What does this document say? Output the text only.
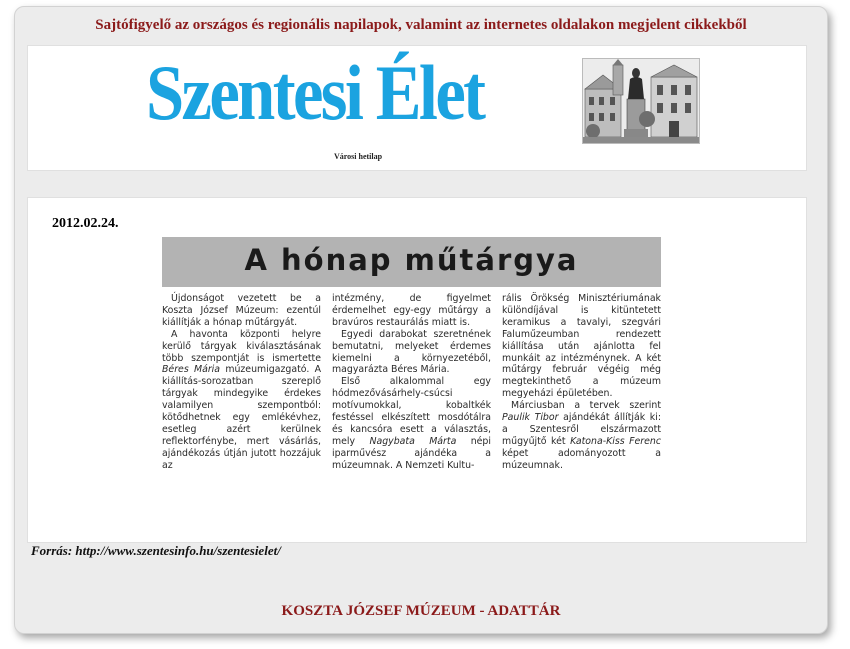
Sajtófigyelő az országos és regionális napilapok, valamint az internetes oldalakon megjelent cikkekből
Szentesi Élet
Városi hetilap
2012.02.24.
A hónap műtárgya

Újdonságot vezetett be a Koszta József Múzeum: ezentúl kiállítják a hónap műtárgyát.

A havonta központi helyre kerülő tárgyak kiválasztásának több szempontját is ismertette Béres Mária múzeumigazgató. A kiállítás-sorozatban szereplő tárgyak mindegyike érdekes valamilyen szempontból: kötődhetnek egy emlékévhez, esetleg azért kerülnek reflektorfénybe, mert vásárlás, ajándékozás útján jutott hozzájuk az

intézmény, de figyelmet érdemelhet egy-egy műtárgy a bravúros restaurálás miatt is.

Egyedi darabokat szeretnének bemutatni, melyeket érdemes kiemelni a környezetéből, magyarázta Béres Mária.

Első alkalommal egy hódmezővásárhely-csúcsi motívumokkal, kobaltkék festéssel elkészített mosdótálra és kancsóra esett a választás, mely Nagybata Márta népi iparművész ajándéka a múzeumnak. A Nemzeti Kultu-

rális Örökség Minisztériumának különdíjával is kitüntetett keramikus a tavalyi, szegvári Faluműzeumban rendezett kiállítása után ajánlotta fel munkáit az intézménynek. A két műtárgy február végéig még megtekinthető a múzeum megyeházi épületében.

Márciusban a tervek szerint Paulik Tibor ajándékát állítják ki: a Szentesről elszármazott műgyűjtő két Katona-Kiss Ferenc képet adományozott a múzeumnak.

Forrás: http://www.szentesinfo.hu/szentesielet/
KOSZTA JÓZSEF MÚZEUM - ADATTÁR
